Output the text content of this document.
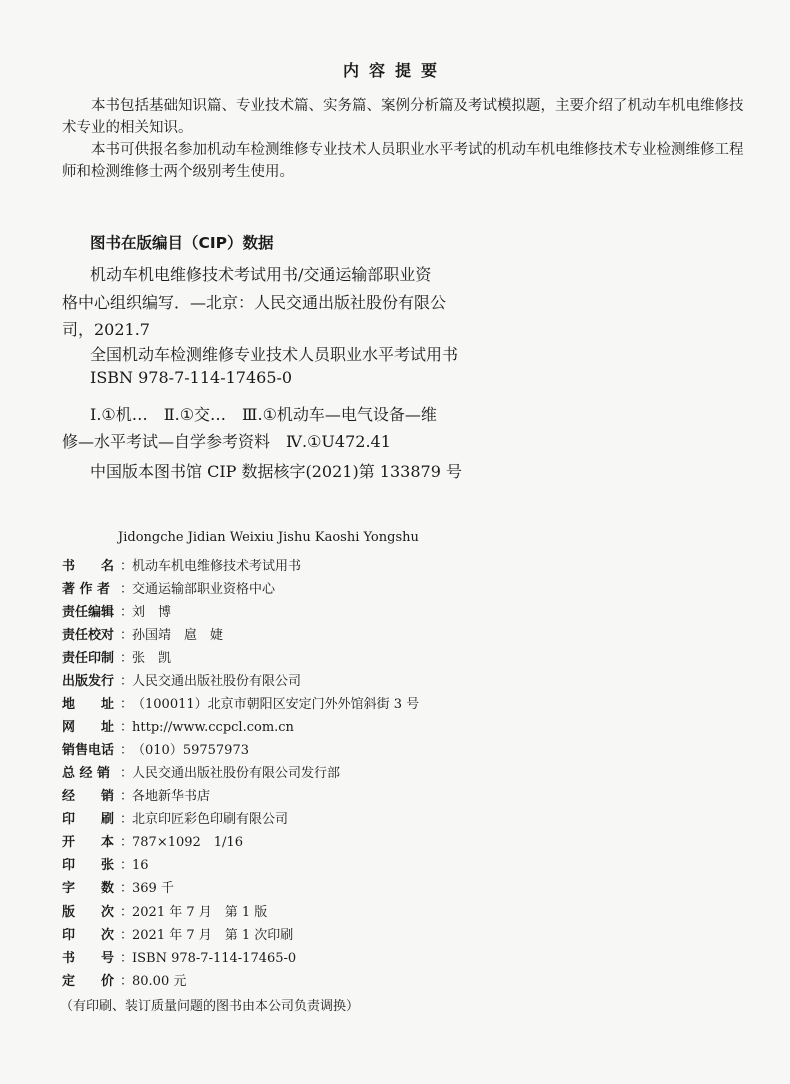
内容提要
本书包括基础知识篇、专业技术篇、实务篇、案例分析篇及考试模拟题，主要介绍了机动车机电维修技术专业的相关知识。
本书可供报名参加机动车检测维修专业技术人员职业水平考试的机动车机电维修技术专业检测维修工程师和检测维修士两个级别考生使用。
图书在版编目（CIP）数据
机动车机电维修技术考试用书/交通运输部职业资
格中心组织编写．—北京：人民交通出版社股份有限公
司，2021.7
全国机动车检测维修专业技术人员职业水平考试用书
ISBN 978-7-114-17465-0
Ⅰ.①机…　Ⅱ.①交…　Ⅲ.①机动车—电气设备—维
修—水平考试—自学参考资料　Ⅳ.①U472.41
中国版本图书馆 CIP 数据核字(2021)第 133879 号
Jidongche Jidian Weixiu Jishu Kaoshi Yongshu
书　　名 ：
机动车机电维修技术考试用书
著 作 者 ：
交通运输部职业资格中心
责任编辑 ：
刘　博
责任校对 ：
孙国靖　扈　婕
责任印制 ：
张　凯
出版发行 ：
人民交通出版社股份有限公司
地　　址 ：
（100011）北京市朝阳区安定门外外馆斜街 3 号
网　　址 ：
http://www.ccpcl.com.cn
销售电话 ：
（010）59757973
总 经 销 ：
人民交通出版社股份有限公司发行部
经　　销 ：
各地新华书店
印　　刷 ：
北京印匠彩色印刷有限公司
开　　本 ：
787×1092　1/16
印　　张 ：
16
字　　数 ：
369 千
版　　次 ：
2021 年 7 月　第 1 版
印　　次 ：
2021 年 7 月　第 1 次印刷
书　　号 ：
ISBN 978-7-114-17465-0
定　　价 ：
80.00 元
（有印刷、装订质量问题的图书由本公司负责调换）
